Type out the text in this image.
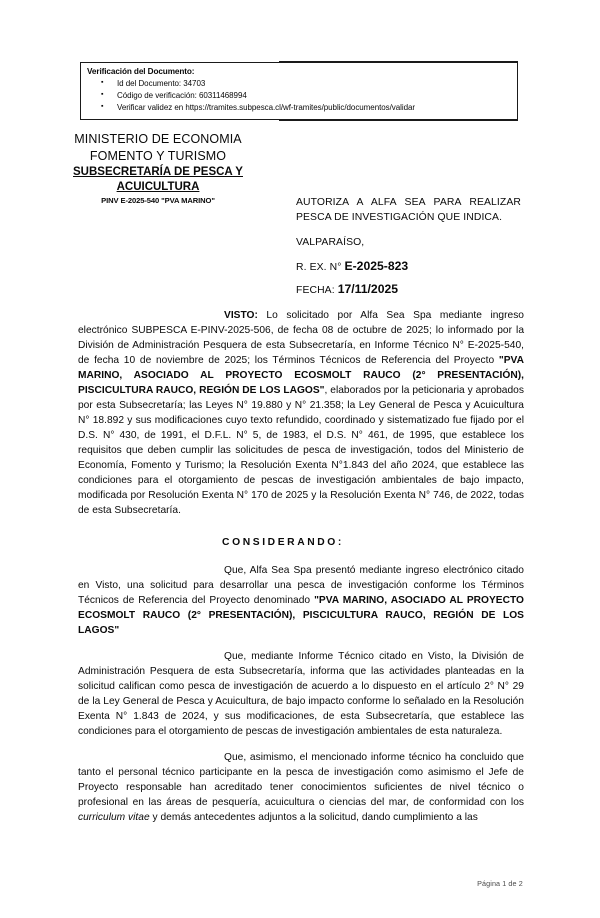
Verificación del Documento:
▪ Id del Documento: 34703
▪ Código de verificación: 60311468994
▪ Verificar validez en https://tramites.subpesca.cl/wf-tramites/public/documentos/validar
MINISTERIO DE ECONOMIA
FOMENTO Y TURISMO
SUBSECRETARÍA DE PESCA Y
ACUICULTURA
PINV E-2025-540 "PVA MARINO"	AUTORIZA A ALFA SEA PARA REALIZAR PESCA DE INVESTIGACIÓN QUE INDICA.
VALPARAÍSO,
R. EX. N° E-2025-823
FECHA: 17/11/2025

VISTO: Lo solicitado por Alfa Sea Spa mediante ingreso electrónico SUBPESCA E-PINV-2025-506, de fecha 08 de octubre de 2025; lo informado por la División de Administración Pesquera de esta Subsecretaría, en Informe Técnico N° E-2025-540, de fecha 10 de noviembre de 2025; los Términos Técnicos de Referencia del Proyecto "PVA MARINO, ASOCIADO AL PROYECTO ECOSMOLT RAUCO (2° PRESENTACIÓN), PISCICULTURA RAUCO, REGIÓN DE LOS LAGOS", elaborados por la peticionaria y aprobados por esta Subsecretaría; las Leyes N° 19.880 y N° 21.358; la Ley General de Pesca y Acuicultura N° 18.892 y sus modificaciones cuyo texto refundido, coordinado y sistematizado fue fijado por el D.S. N° 430, de 1991, el D.F.L. N° 5, de 1983, el D.S. N° 461, de 1995, que establece los requisitos que deben cumplir las solicitudes de pesca de investigación, todos del Ministerio de Economía, Fomento y Turismo; la Resolución Exenta N°1.843 del año 2024, que establece las condiciones para el otorgamiento de pescas de investigación ambientales de bajo impacto, modificada por Resolución Exenta N° 170 de 2025 y la Resolución Exenta N° 746, de 2022, todas de esta Subsecretaría.

CONSIDERANDO:

Que, Alfa Sea Spa presentó mediante ingreso electrónico citado en Visto, una solicitud para desarrollar una pesca de investigación conforme los Términos Técnicos de Referencia del Proyecto denominado "PVA MARINO, ASOCIADO AL PROYECTO ECOSMOLT RAUCO (2° PRESENTACIÓN), PISCICULTURA RAUCO, REGIÓN DE LOS LAGOS"

Que, mediante Informe Técnico citado en Visto, la División de Administración Pesquera de esta Subsecretaría, informa que las actividades planteadas en la solicitud califican como pesca de investigación de acuerdo a lo dispuesto en el artículo 2° N° 29 de la Ley General de Pesca y Acuicultura, de bajo impacto conforme lo señalado en la Resolución Exenta N° 1.843 de 2024, y sus modificaciones, de esta Subsecretaría, que establece las condiciones para el otorgamiento de pescas de investigación ambientales de esta naturaleza.

Que, asimismo, el mencionado informe técnico ha concluido que tanto el personal técnico participante en la pesca de investigación como asimismo el Jefe de Proyecto responsable han acreditado tener conocimientos suficientes de nivel técnico o profesional en las áreas de pesquería, acuicultura o ciencias del mar, de conformidad con los curriculum vitae y demás antecedentes adjuntos a la solicitud, dando cumplimiento a las

Página 1 de 2
